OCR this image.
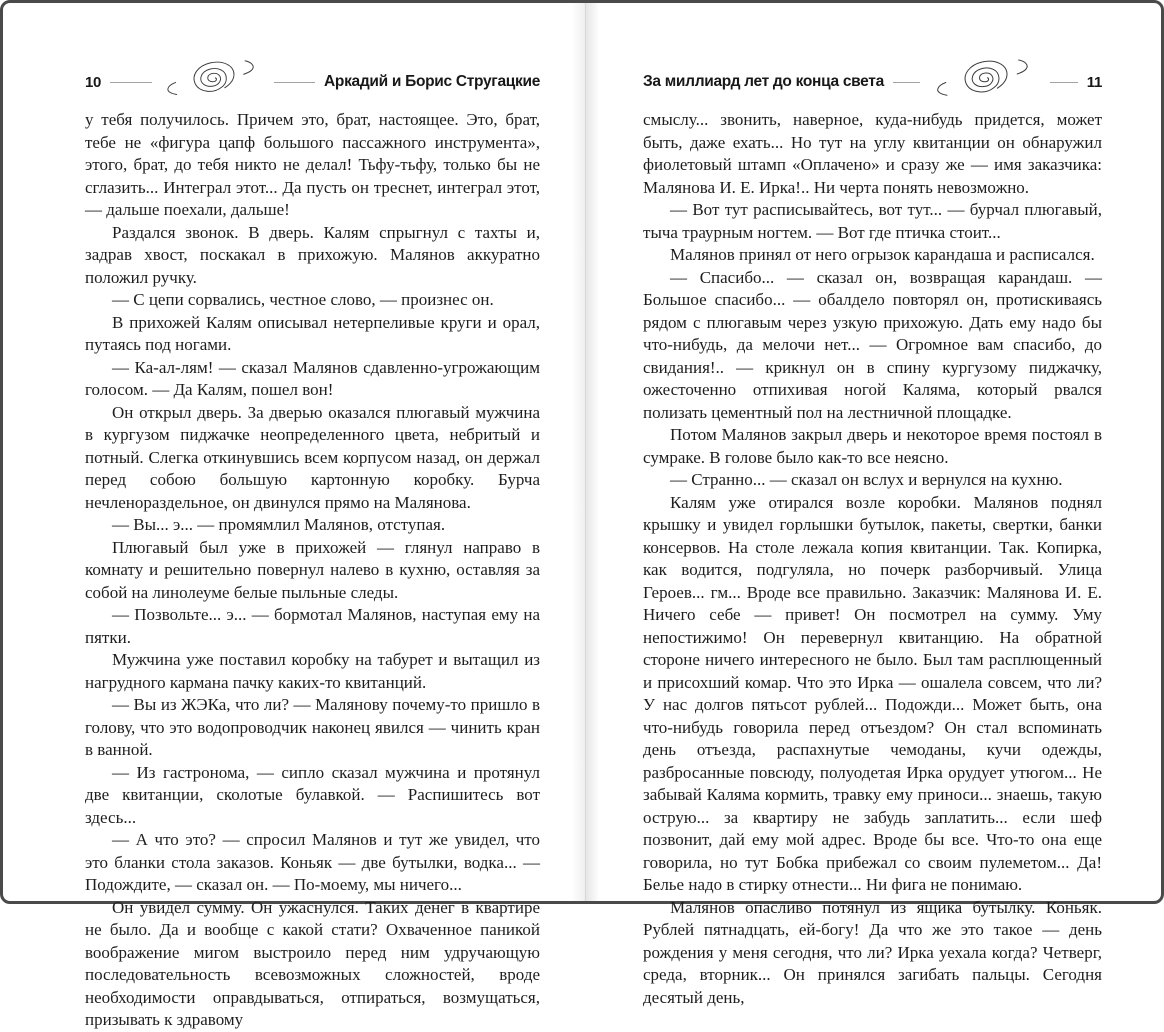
10	Аркадий и Борис Стругацкие

у тебя получилось. Причем это, брат, настоящее. Это, брат, тебе не «фигура цапф большого пассажного инструмента», этого, брат, до тебя никто не делал! Тьфу-тьфу, только бы не сглазить... Интеграл этот... Да пусть он треснет, интеграл этот, — дальше поехали, дальше!

Раздался звонок. В дверь. Калям спрыгнул с тахты и, задрав хвост, поскакал в прихожую. Малянов аккуратно положил ручку.

— С цепи сорвались, честное слово, — произнес он.

В прихожей Калям описывал нетерпеливые круги и орал, путаясь под ногами.

— Ка-ал-лям! — сказал Малянов сдавленно-угрожающим голосом. — Да Калям, пошел вон!

Он открыл дверь. За дверью оказался плюгавый мужчина в кургузом пиджачке неопределенного цвета, небритый и потный. Слегка откинувшись всем корпусом назад, он держал перед собою большую картонную коробку. Бурча нечленораздельное, он двинулся прямо на Малянова.

— Вы... э... — промямлил Малянов, отступая.

Плюгавый был уже в прихожей — глянул направо в комнату и решительно повернул налево в кухню, оставляя за собой на линолеуме белые пыльные следы.

— Позвольте... э... — бормотал Малянов, наступая ему на пятки.

Мужчина уже поставил коробку на табурет и вытащил из нагрудного кармана пачку каких-то квитанций.

— Вы из ЖЭКа, что ли? — Малянову почему-то пришло в голову, что это водопроводчик наконец явился — чинить кран в ванной.

— Из гастронома, — сипло сказал мужчина и протянул две квитанции, сколотые булавкой. — Распишитесь вот здесь...

— А что это? — спросил Малянов и тут же увидел, что это бланки стола заказов. Коньяк — две бутылки, водка... — Подождите, — сказал он. — По-моему, мы ничего...

Он увидел сумму. Он ужаснулся. Таких денег в квартире не было. Да и вообще с какой стати? Охваченное паникой воображение мигом выстроило перед ним удручающую последовательность всевозможных сложностей, вроде необходимости оправдываться, отпираться, возмущаться, призывать к здравому

За миллиард лет до конца света	11

смыслу... звонить, наверное, куда-нибудь придется, может быть, даже ехать... Но тут на углу квитанции он обнаружил фиолетовый штамп «Оплачено» и сразу же — имя заказчика: Малянова И. Е. Ирка!.. Ни черта понять невозможно.

— Вот тут расписывайтесь, вот тут... — бурчал плюгавый, тыча траурным ногтем. — Вот где птичка стоит...

Малянов принял от него огрызок карандаша и расписался.

— Спасибо... — сказал он, возвращая карандаш. — Большое спасибо... — обалдело повторял он, протискиваясь рядом с плюгавым через узкую прихожую. Дать ему надо бы что-нибудь, да мелочи нет... — Огромное вам спасибо, до свидания!.. — крикнул он в спину кургузому пиджачку, ожесточенно отпихивая ногой Каляма, который рвался полизать цементный пол на лестничной площадке.

Потом Малянов закрыл дверь и некоторое время постоял в сумраке. В голове было как-то все неясно.

— Странно... — сказал он вслух и вернулся на кухню.

Калям уже отирался возле коробки. Малянов поднял крышку и увидел горлышки бутылок, пакеты, свертки, банки консервов. На столе лежала копия квитанции. Так. Копирка, как водится, подгуляла, но почерк разборчивый. Улица Героев... гм... Вроде все правильно. Заказчик: Малянова И. Е. Ничего себе — привет! Он посмотрел на сумму. Уму непостижимо! Он перевернул квитанцию. На обратной стороне ничего интересного не было. Был там расплющенный и присохший комар. Что это Ирка — ошалела совсем, что ли? У нас долгов пятьсот рублей... Подожди... Может быть, она что-нибудь говорила перед отъездом? Он стал вспоминать день отъезда, распахнутые чемоданы, кучи одежды, разбросанные повсюду, полуодетая Ирка орудует утюгом... Не забывай Каляма кормить, травку ему приноси... знаешь, такую острую... за квартиру не забудь заплатить... если шеф позвонит, дай ему мой адрес. Вроде бы все. Что-то она еще говорила, но тут Бобка прибежал со своим пулеметом... Да! Белье надо в стирку отнести... Ни фига не понимаю.

Малянов опасливо потянул из ящика бутылку. Коньяк. Рублей пятнадцать, ей-богу! Да что же это такое — день рождения у меня сегодня, что ли? Ирка уехала когда? Четверг, среда, вторник... Он принялся загибать пальцы. Сегодня десятый день,
